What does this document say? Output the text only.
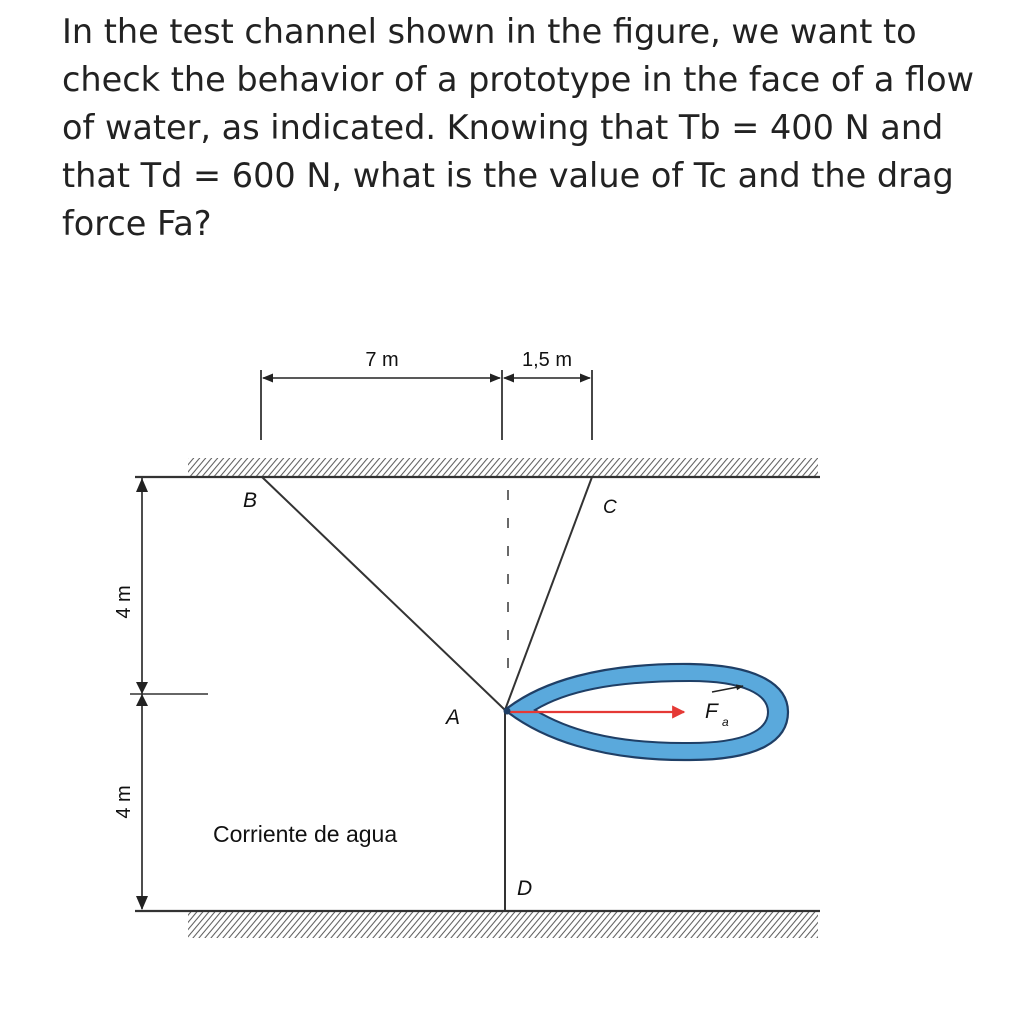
In the test channel shown in the figure, we want to check the behavior of a prototype in the face of a flow of water, as indicated. Knowing that Tb = 400 N and that Td = 600 N, what is the value of Tc and the drag force Fa?

7 m	1,5 m
4 m
4 m
F a
B	C
A
D
Corriente de agua
